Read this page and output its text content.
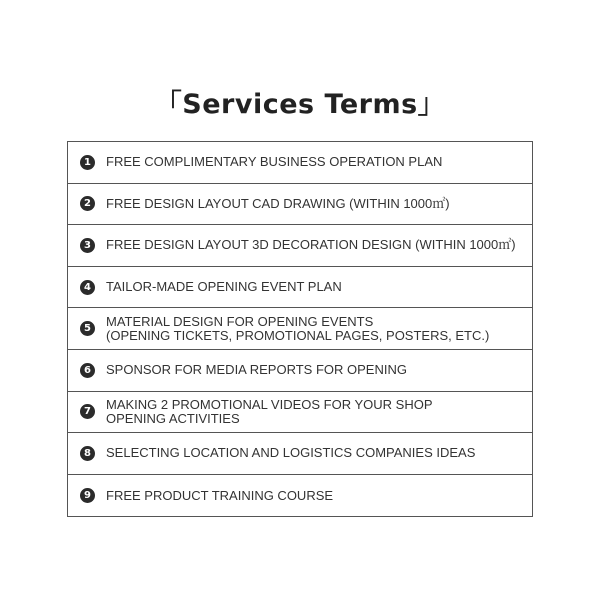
「Services Terms」
1	FREE COMPLIMENTARY BUSINESS OPERATION PLAN
2	FREE DESIGN LAYOUT CAD DRAWING (WITHIN 1000㎡)
3	FREE DESIGN LAYOUT 3D DECORATION DESIGN (WITHIN 1000㎡)
4	TAILOR-MADE OPENING EVENT PLAN
5	MATERIAL DESIGN FOR OPENING EVENTS
(OPENING TICKETS, PROMOTIONAL PAGES, POSTERS, ETC.)
6	SPONSOR FOR MEDIA REPORTS FOR OPENING
7	MAKING 2 PROMOTIONAL VIDEOS FOR YOUR SHOP
OPENING ACTIVITIES
8	SELECTING LOCATION AND LOGISTICS COMPANIES IDEAS
9	FREE PRODUCT TRAINING COURSE
